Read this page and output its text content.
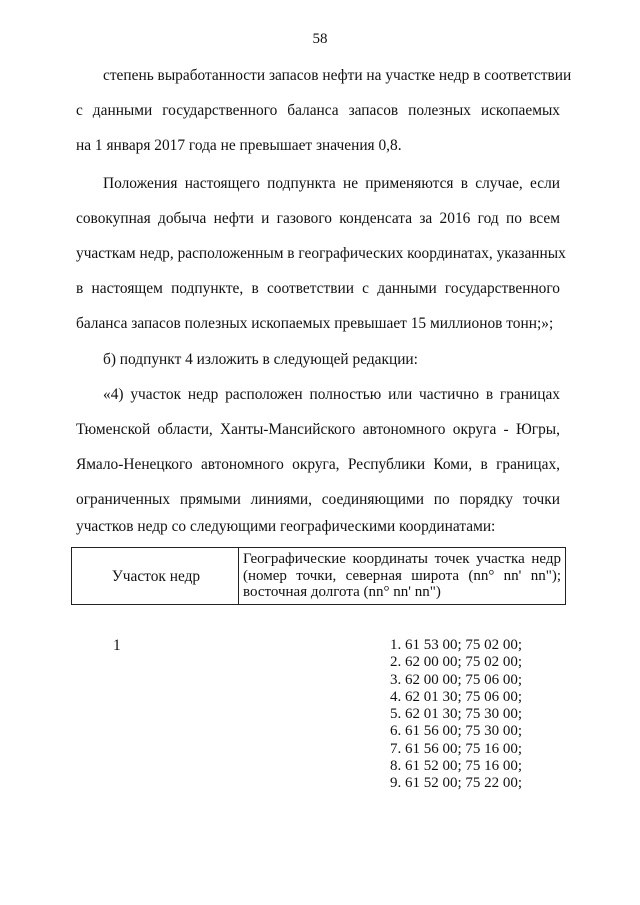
58
степень выработанности запасов нефти на участке недр в соответствии
с данными государственного баланса запасов полезных ископаемых
на 1 января 2017 года не превышает значения 0,8.
Положения настоящего подпункта не применяются в случае, если
совокупная добыча нефти и газового конденсата за 2016 год по всем
участкам недр, расположенным в географических координатах, указанных
в настоящем подпункте, в соответствии с данными государственного
баланса запасов полезных ископаемых превышает 15 миллионов тонн;»;
б) подпункт 4 изложить в следующей редакции:
«4) участок недр расположен полностью или частично в границах
Тюменской области, Ханты-Мансийского автономного округа - Югры,
Ямало-Ненецкого автономного округа, Республики Коми, в границах,
ограниченных прямыми линиями, соединяющими по порядку точки
участков недр со следующими географическими координатами:
Участок недр
Географические координаты точек участка недр
(номер точки, северная широта (nn° nn' nn");
восточная долгота (nn° nn' nn")
1	1. 61 53 00; 75 02 00;
2. 62 00 00; 75 02 00;
3. 62 00 00; 75 06 00;
4. 62 01 30; 75 06 00;
5. 62 01 30; 75 30 00;
6. 61 56 00; 75 30 00;
7. 61 56 00; 75 16 00;
8. 61 52 00; 75 16 00;
9. 61 52 00; 75 22 00;
